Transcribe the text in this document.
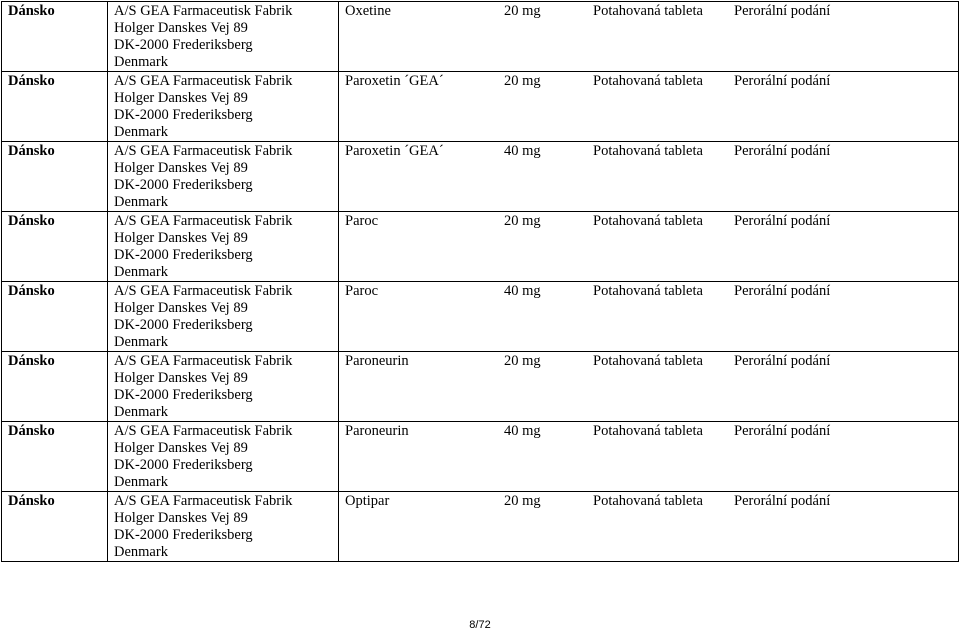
Dánsko	A/S GEA Farmaceutisk Fabrik
Holger Danskes Vej 89
DK-2000 Frederiksberg
Denmark	Oxetine 20 mg Potahovaná tableta Perorální podání

Dánsko	A/S GEA Farmaceutisk Fabrik
Holger Danskes Vej 89
DK-2000 Frederiksberg
Denmark	Paroxetin ´GEA´ 20 mg Potahovaná tableta Perorální podání

Dánsko	A/S GEA Farmaceutisk Fabrik
Holger Danskes Vej 89
DK-2000 Frederiksberg
Denmark	Paroxetin ´GEA´ 40 mg Potahovaná tableta Perorální podání

Dánsko	A/S GEA Farmaceutisk Fabrik
Holger Danskes Vej 89
DK-2000 Frederiksberg
Denmark	Paroc 20 mg Potahovaná tableta Perorální podání

Dánsko	A/S GEA Farmaceutisk Fabrik
Holger Danskes Vej 89
DK-2000 Frederiksberg
Denmark	Paroc 40 mg Potahovaná tableta Perorální podání

Dánsko	A/S GEA Farmaceutisk Fabrik
Holger Danskes Vej 89
DK-2000 Frederiksberg
Denmark	Paroneurin 20 mg Potahovaná tableta Perorální podání

Dánsko	A/S GEA Farmaceutisk Fabrik
Holger Danskes Vej 89
DK-2000 Frederiksberg
Denmark	Paroneurin 40 mg Potahovaná tableta Perorální podání

Dánsko	A/S GEA Farmaceutisk Fabrik
Holger Danskes Vej 89
DK-2000 Frederiksberg
Denmark	Optipar 20 mg Potahovaná tableta Perorální podání
8/72
